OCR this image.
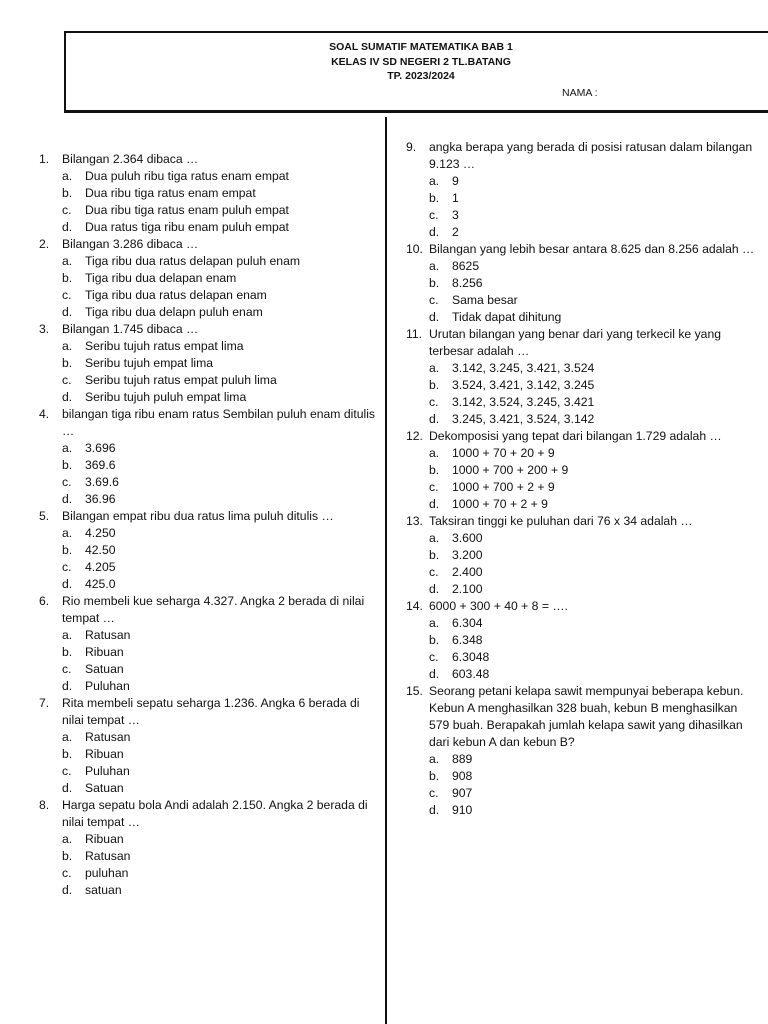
SOAL SUMATIF MATEMATIKA BAB 1
KELAS IV SD NEGERI 2 TL.BATANG
TP. 2023/2024
NAMA :
1. Bilangan 2.364 dibaca …
a. Dua puluh ribu tiga ratus enam empat
b. Dua ribu tiga ratus enam empat
c. Dua ribu tiga ratus enam puluh empat
d. Dua ratus tiga ribu enam puluh empat
2. Bilangan 3.286 dibaca …
a. Tiga ribu dua ratus delapan puluh enam
b. Tiga ribu dua delapan enam
c. Tiga ribu dua ratus delapan enam
d. Tiga ribu dua delapn puluh enam
3. Bilangan 1.745 dibaca …
a. Seribu tujuh ratus empat lima
b. Seribu tujuh empat lima
c. Seribu tujuh ratus empat puluh lima
d. Seribu tujuh puluh empat lima
4. bilangan tiga ribu enam ratus Sembilan puluh enam ditulis …
a. 3.696
b. 369.6
c. 3.69.6
d. 36.96
5. Bilangan empat ribu dua ratus lima puluh ditulis …
a. 4.250
b. 42.50
c. 4.205
d. 425.0
6. Rio membeli kue seharga 4.327. Angka 2 berada di nilai tempat …
a. Ratusan
b. Ribuan
c. Satuan
d. Puluhan
7. Rita membeli sepatu seharga 1.236. Angka 6 berada di nilai tempat …
a. Ratusan
b. Ribuan
c. Puluhan
d. Satuan
8. Harga sepatu bola Andi adalah 2.150. Angka 2 berada di nilai tempat …
a. Ribuan
b. Ratusan
c. puluhan
d. satuan
9. angka berapa yang berada di posisi ratusan dalam bilangan 9.123 …
a. 9
b. 1
c. 3
d. 2
10. Bilangan yang lebih besar antara 8.625 dan 8.256 adalah …
a. 8625
b. 8.256
c. Sama besar
d. Tidak dapat dihitung
11. Urutan bilangan yang benar dari yang terkecil ke yang terbesar adalah …
a. 3.142, 3.245, 3.421, 3.524
b. 3.524, 3.421, 3.142, 3.245
c. 3.142, 3.524, 3.245, 3.421
d. 3.245, 3.421, 3.524, 3.142
12. Dekomposisi yang tepat dari bilangan 1.729 adalah …
a. 1000 + 70 + 20 + 9
b. 1000 + 700 + 200 + 9
c. 1000 + 700 + 2 + 9
d. 1000 + 70 + 2 + 9
13. Taksiran tinggi ke puluhan dari 76 x 34 adalah …
a. 3.600
b. 3.200
c. 2.400
d. 2.100
14. 6000 + 300 + 40 + 8 = ….
a. 6.304
b. 6.348
c. 6.3048
d. 603.48
15. Seorang petani kelapa sawit mempunyai beberapa kebun. Kebun A menghasilkan 328 buah, kebun B menghasilkan 579 buah. Berapakah jumlah kelapa sawit yang dihasilkan dari kebun A dan kebun B?
a. 889
b. 908
c. 907
d. 910
